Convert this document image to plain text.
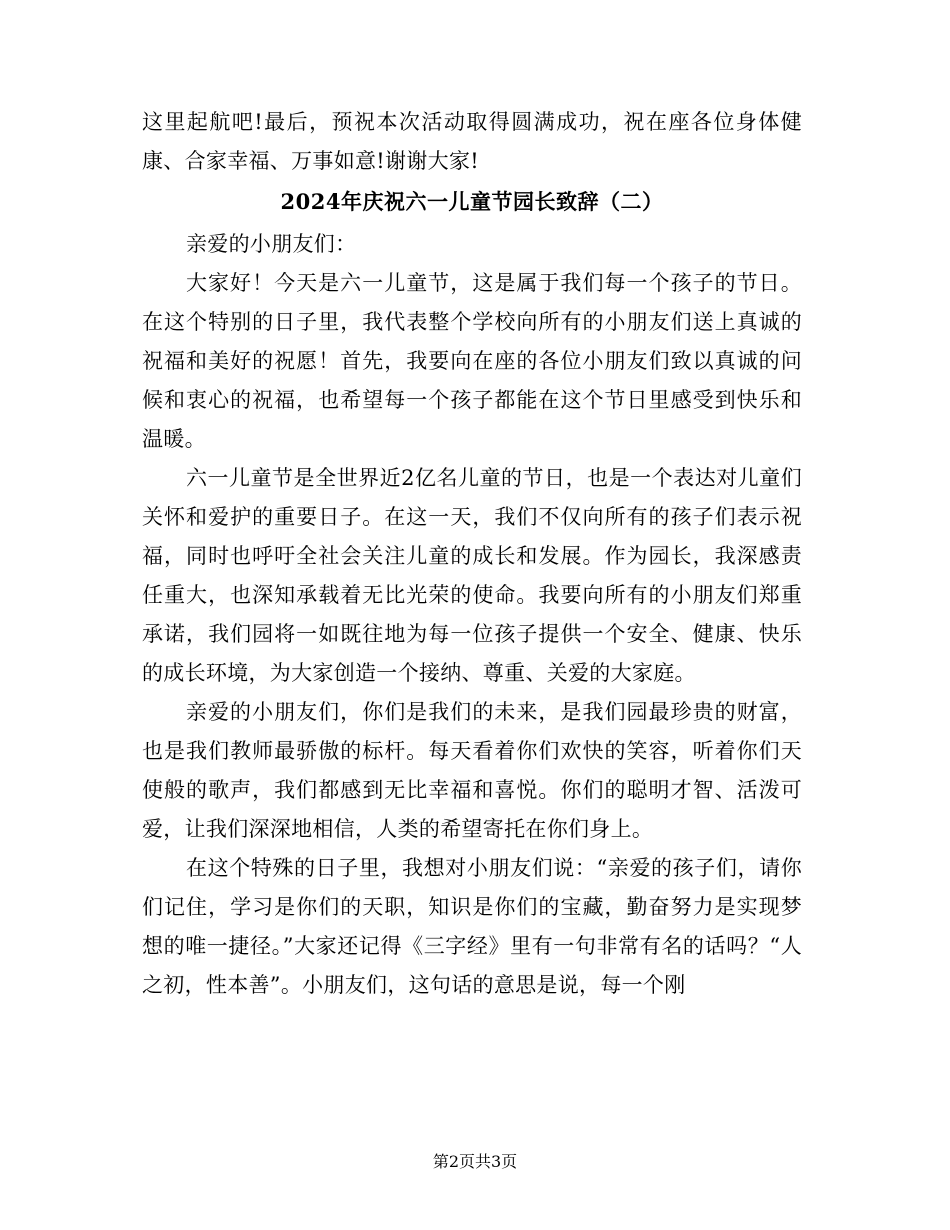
这里起航吧!最后，预祝本次活动取得圆满成功，祝在座各位身体健康、合家幸福、万事如意!谢谢大家!

2024年庆祝六一儿童节园长致辞（二）

亲爱的小朋友们：

大家好！今天是六一儿童节，这是属于我们每一个孩子的节日。在这个特别的日子里，我代表整个学校向所有的小朋友们送上真诚的祝福和美好的祝愿！首先，我要向在座的各位小朋友们致以真诚的问候和衷心的祝福，也希望每一个孩子都能在这个节日里感受到快乐和温暖。

六一儿童节是全世界近2亿名儿童的节日，也是一个表达对儿童们关怀和爱护的重要日子。在这一天，我们不仅向所有的孩子们表示祝福，同时也呼吁全社会关注儿童的成长和发展。作为园长，我深感责任重大，也深知承载着无比光荣的使命。我要向所有的小朋友们郑重承诺，我们园将一如既往地为每一位孩子提供一个安全、健康、快乐的成长环境，为大家创造一个接纳、尊重、关爱的大家庭。

亲爱的小朋友们，你们是我们的未来，是我们园最珍贵的财富，也是我们教师最骄傲的标杆。每天看着你们欢快的笑容，听着你们天使般的歌声，我们都感到无比幸福和喜悦。你们的聪明才智、活泼可爱，让我们深深地相信，人类的希望寄托在你们身上。

在这个特殊的日子里，我想对小朋友们说：“亲爱的孩子们，请你们记住，学习是你们的天职，知识是你们的宝藏，勤奋努力是实现梦想的唯一捷径。”大家还记得《三字经》里有一句非常有名的话吗？“人之初，性本善”。小朋友们，这句话的意思是说，每一个刚

第2页共3页
